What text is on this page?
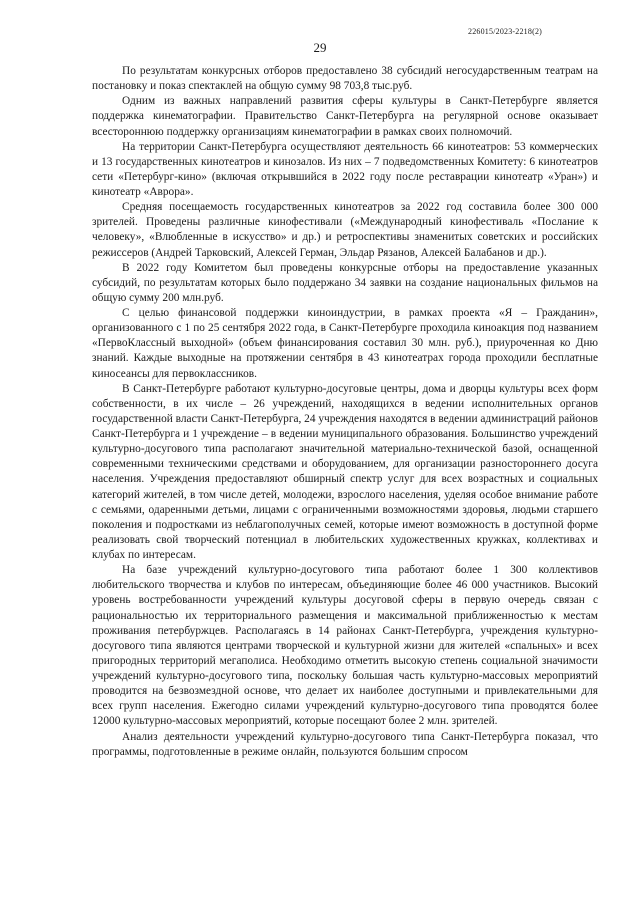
226015/2023-2218(2)
29

По результатам конкурсных отборов предоставлено 38 субсидий негосударственным театрам на постановку и показ спектаклей на общую сумму 98 703,8 тыс.руб.

Одним из важных направлений развития сферы культуры в Санкт-Петербурге является поддержка кинематографии. Правительство Санкт-Петербурга на регулярной основе оказывает всестороннюю поддержку организациям кинематографии в рамках своих полномочий.

На территории Санкт-Петербурга осуществляют деятельность 66 кинотеатров: 53 коммерческих и 13 государственных кинотеатров и кинозалов. Из них – 7 подведомственных Комитету: 6 кинотеатров сети «Петербург-кино» (включая открывшийся в 2022 году после реставрации кинотеатр «Уран») и кинотеатр «Аврора».

Средняя посещаемость государственных кинотеатров за 2022 год составила более 300 000 зрителей. Проведены различные кинофестивали («Международный кинофестиваль «Послание к человеку», «Влюбленные в искусство» и др.) и ретроспективы знаменитых советских и российских режиссеров (Андрей Тарковский, Алексей Герман, Эльдар Рязанов, Алексей Балабанов и др.).

В 2022 году Комитетом был проведены конкурсные отборы на предоставление указанных субсидий, по результатам которых было поддержано 34 заявки на создание национальных фильмов на общую сумму 200 млн.руб.

С целью финансовой поддержки киноиндустрии, в рамках проекта «Я – Гражданин», организованного с 1 по 25 сентября 2022 года, в Санкт-Петербурге проходила киноакция под названием «ПервоКлассный выходной» (объем финансирования составил 30 млн. руб.), приуроченная ко Дню знаний. Каждые выходные на протяжении сентября в 43 кинотеатрах города проходили бесплатные киносеансы для первоклассников.

В Санкт-Петербурге работают культурно-досуговые центры, дома и дворцы культуры всех форм собственности, в их числе – 26 учреждений, находящихся в ведении исполнительных органов государственной власти Санкт-Петербурга, 24 учреждения находятся в ведении администраций районов Санкт-Петербурга и 1 учреждение – в ведении муниципального образования. Большинство учреждений культурно-досугового типа располагают значительной материально-технической базой, оснащенной современными техническими средствами и оборудованием, для организации разностороннего досуга населения. Учреждения предоставляют обширный спектр услуг для всех возрастных и социальных категорий жителей, в том числе детей, молодежи, взрослого населения, уделяя особое внимание работе с семьями, одаренными детьми, лицами с ограниченными возможностями здоровья, людьми старшего поколения и подростками из неблагополучных семей, которые имеют возможность в доступной форме реализовать свой творческий потенциал в любительских художественных кружках, коллективах и клубах по интересам.

На базе учреждений культурно-досугового типа работают более 1 300 коллективов любительского творчества и клубов по интересам, объединяющие более 46 000 участников. Высокий уровень востребованности учреждений культуры досуговой сферы в первую очередь связан с рациональностью их территориального размещения и максимальной приближенностью к местам проживания петербуржцев. Располагаясь в 14 районах Санкт-Петербурга, учреждения культурно-досугового типа являются центрами творческой и культурной жизни для жителей «спальных» и всех пригородных территорий мегаполиса. Необходимо отметить высокую степень социальной значимости учреждений культурно-досугового типа, поскольку большая часть культурно-массовых мероприятий проводится на безвозмездной основе, что делает их наиболее доступными и привлекательными для всех групп населения. Ежегодно силами учреждений культурно-досугового типа проводятся более 12000 культурно-массовых мероприятий, которые посещают более 2 млн. зрителей.

Анализ деятельности учреждений культурно-досугового типа Санкт-Петербурга показал, что программы, подготовленные в режиме онлайн, пользуются большим спросом
